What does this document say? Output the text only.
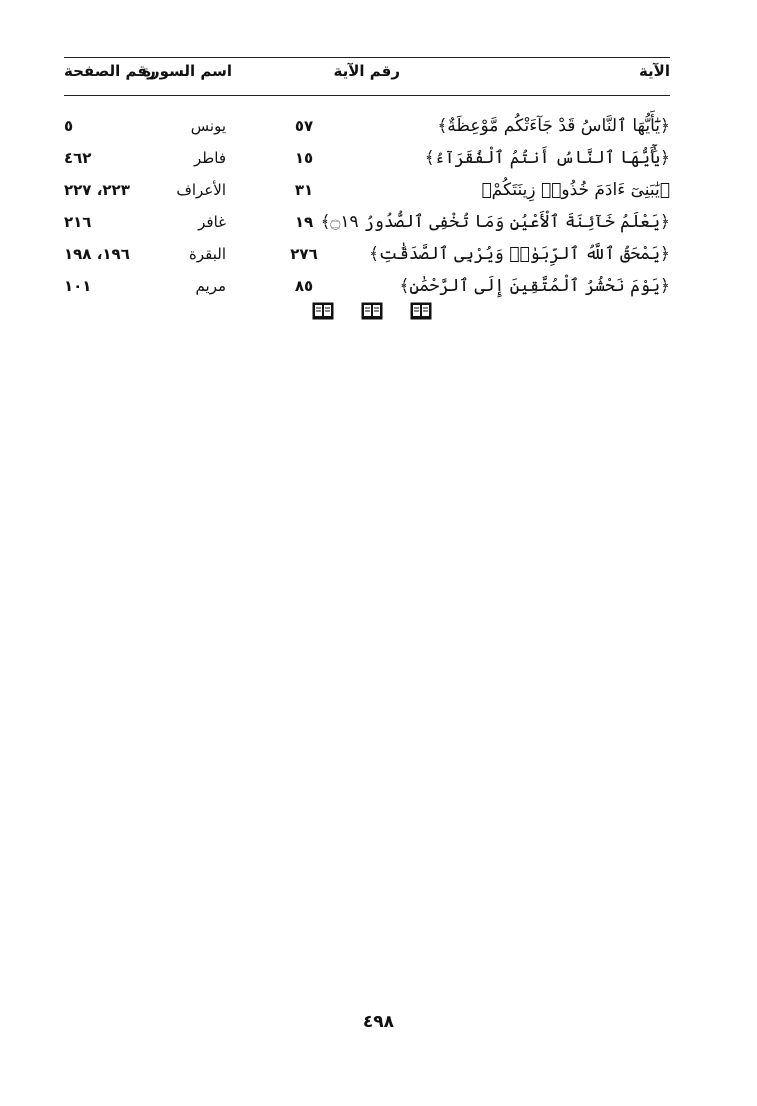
الآية
رقم الآية
اسم السورة
رقم الصفحة
﴿يَٰٓأَيُّهَا ٱلنَّاسُ قَدْ جَآءَتْكُم مَّوْعِظَةٌ﴾
٥٧
يونس
٥
﴿يَٰٓأَيُّهَا ٱلنَّاسُ أَنتُمُ ٱلْفُقَرَآءُ﴾
١٥
فاطر
٤٦٢
﴿يَٰبَنِىٓ ءَادَمَ خُذُوا۟ زِينَتَكُمْ﴾
٣١
الأعراف
٢٢٣، ٢٢٧
﴿يَعْلَمُ خَآئِنَةَ ٱلْأَعْيُنِ وَمَا تُخْفِى ٱلصُّدُورُ ۝١٩﴾
١٩
غافر
٢١٦
﴿يَمْحَقُ ٱللَّهُ ٱلرِّبَوٰا۟ وَيُرْبِى ٱلصَّدَقَٰتِ﴾
٢٧٦
البقرة
١٩٦، ١٩٨
﴿يَوْمَ نَحْشُرُ ٱلْمُتَّقِينَ إِلَى ٱلرَّحْمَٰنِ﴾
٨٥
مريم
١٠١
٤٩٨
